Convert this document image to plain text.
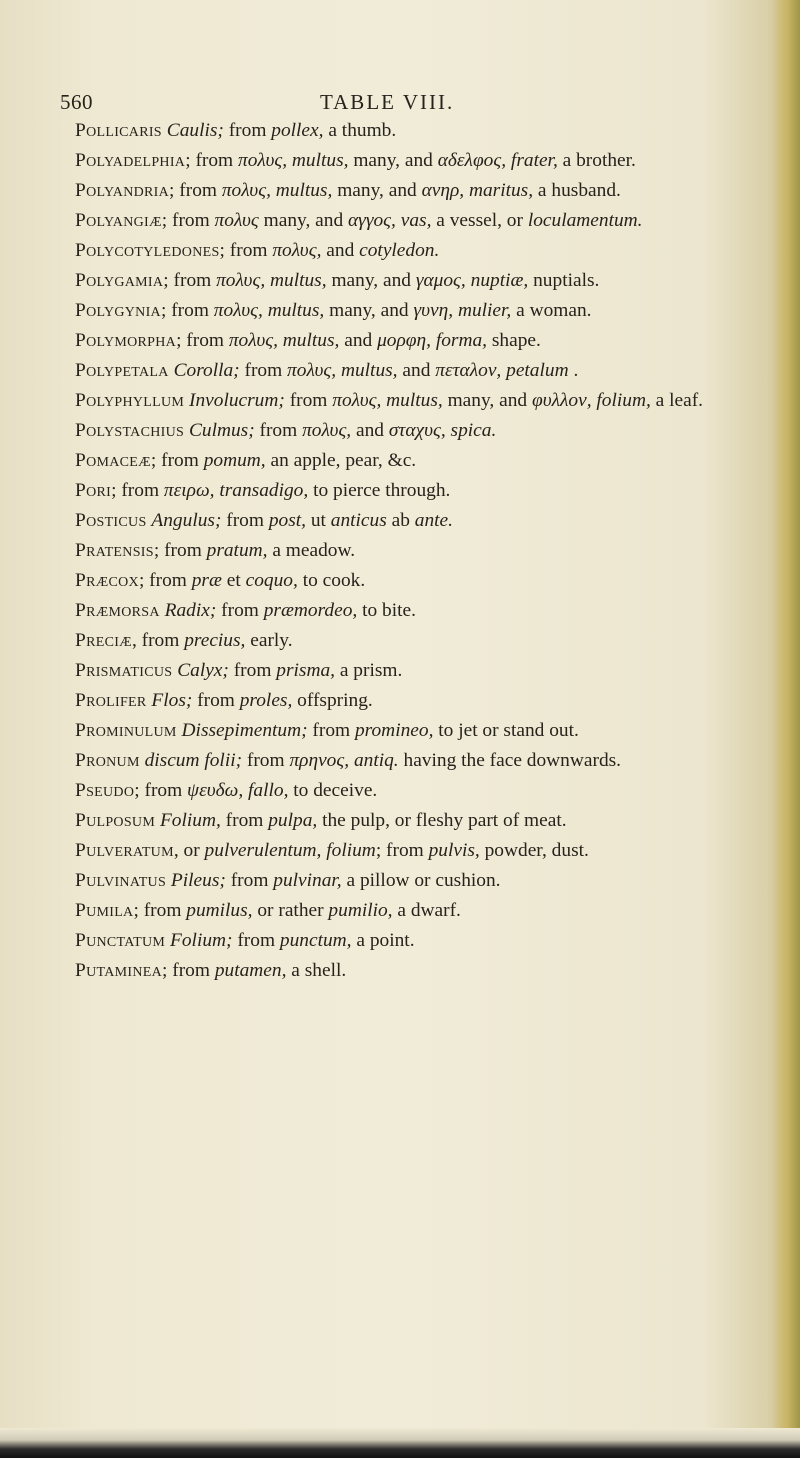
560	TABLE VIII.
Pollicaris Caulis; from pollex, a thumb.
Polyadelphia; from πολυς, multus, many, and αδελφος, frater, a brother.
Polyandria; from πολυς, multus, many, and ανηρ, maritus, a husband.
Polyangiæ; from πολυς many, and αγγος, vas, a vessel, or loculamentum.
Polycotyledones; from πολυς, and cotyledon.
Polygamia; from πολυς, multus, many, and γαμος, nuptiæ, nuptials.
Polygynia; from πολυς, multus, many, and γυνη, mulier, a woman.
Polymorpha; from πολυς, multus, and μορφη, forma, shape.
Polypetala Corolla; from πολυς, multus, and πεταλον, petalum .
Polyphyllum Involucrum; from πολυς, multus, many, and φυλλον, folium, a leaf.
Polystachius Culmus; from πολυς, and σταχυς, spica.
Pomaceæ; from pomum, an apple, pear, &c.
Pori; from πειρω, transadigo, to pierce through.
Posticus Angulus; from post, ut anticus ab ante.
Pratensis; from pratum, a meadow.
Præcox; from præ et coquo, to cook.
Præmorsa Radix; from præmordeo, to bite.
Preciæ, from precius, early.
Prismaticus Calyx; from prisma, a prism.
Prolifer Flos; from proles, offspring.
Prominulum Dissepimentum; from promineo, to jet or stand out.
Pronum discum folii; from πρηνος, antiq. having the face downwards.
Pseudo; from ψευδω, fallo, to deceive.
Pulposum Folium, from pulpa, the pulp, or fleshy part of meat.
Pulveratum, or pulverulentum, folium; from pulvis, powder, dust.
Pulvinatus Pileus; from pulvinar, a pillow or cushion.
Pumila; from pumilus, or rather pumilio, a dwarf.
Punctatum Folium; from punctum, a point.
Putaminea; from putamen, a shell.
